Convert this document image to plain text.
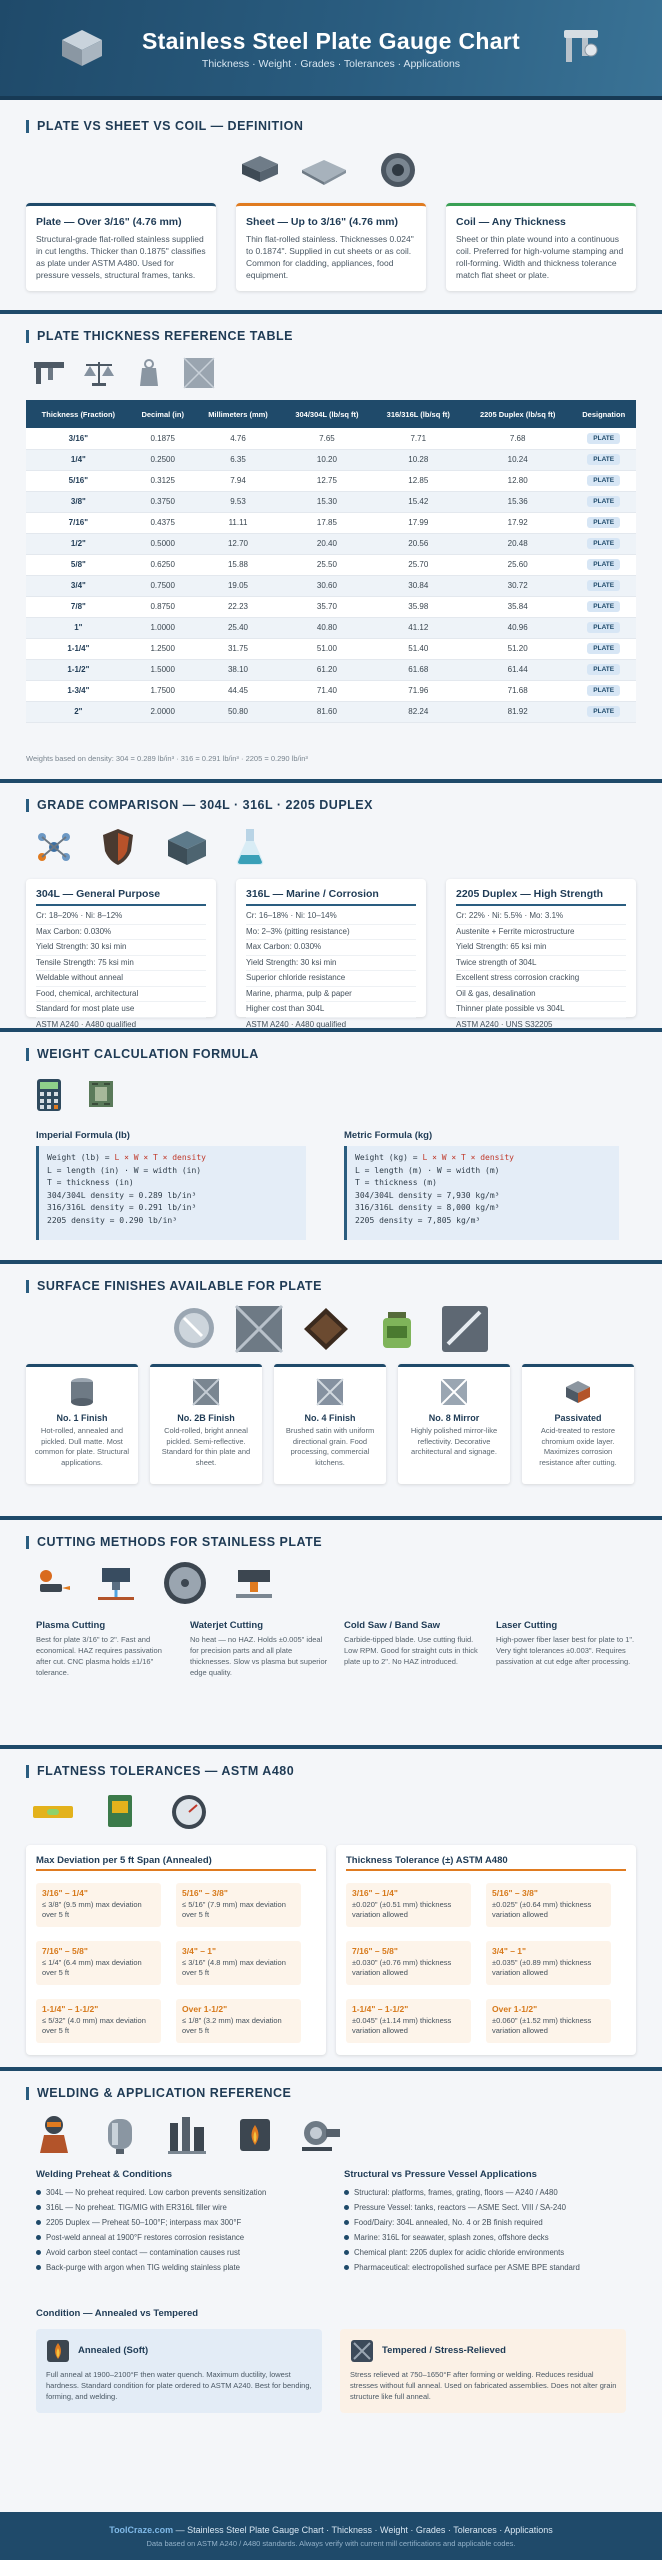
Stainless Steel Plate Gauge Chart
Thickness · Weight · Grades · Tolerances · Applications
PLATE VS SHEET VS COIL — DEFINITION
Plate — Over 3/16" (4.76 mm)

Structural-grade flat-rolled stainless supplied in cut lengths. Thicker than 0.1875" classifies as plate under ASTM A480. Used for pressure vessels, structural frames, tanks.

Sheet — Up to 3/16" (4.76 mm)

Thin flat-rolled stainless. Thicknesses 0.024" to 0.1874". Supplied in cut sheets or as coil. Common for cladding, appliances, food equipment.

Coil — Any Thickness

Sheet or thin plate wound into a continuous coil. Preferred for high-volume stamping and roll-forming. Width and thickness tolerance match flat sheet or plate.

PLATE THICKNESS REFERENCE TABLE
Thickness (Fraction)	Decimal (in)	Millimeters (mm)	304/304L (lb/sq ft)	316/316L (lb/sq ft)	2205 Duplex (lb/sq ft)	Designation
3/16"	0.1875	4.76	7.65	7.71	7.68	PLATE
1/4"	0.2500	6.35	10.20	10.28	10.24	PLATE
5/16"	0.3125	7.94	12.75	12.85	12.80	PLATE
3/8"	0.3750	9.53	15.30	15.42	15.36	PLATE
7/16"	0.4375	11.11	17.85	17.99	17.92	PLATE
1/2"	0.5000	12.70	20.40	20.56	20.48	PLATE
5/8"	0.6250	15.88	25.50	25.70	25.60	PLATE
3/4"	0.7500	19.05	30.60	30.84	30.72	PLATE
7/8"	0.8750	22.23	35.70	35.98	35.84	PLATE
1"	1.0000	25.40	40.80	41.12	40.96	PLATE
1-1/4"	1.2500	31.75	51.00	51.40	51.20	PLATE
1-1/2"	1.5000	38.10	61.20	61.68	61.44	PLATE
1-3/4"	1.7500	44.45	71.40	71.96	71.68	PLATE
2"	2.0000	50.80	81.60	82.24	81.92	PLATE
Weights based on density: 304 = 0.289 lb/in³ · 316 = 0.291 lb/in³ · 2205 = 0.290 lb/in³
GRADE COMPARISON — 304L · 316L · 2205 DUPLEX
304L — General Purpose
Cr: 18–20% · Ni: 8–12%
Max Carbon: 0.030%
Yield Strength: 30 ksi min
Tensile Strength: 75 ksi min
Weldable without anneal
Food, chemical, architectural
Standard for most plate use
ASTM A240 · A480 qualified
316L — Marine / Corrosion
Cr: 16–18% · Ni: 10–14%
Mo: 2–3% (pitting resistance)
Max Carbon: 0.030%
Yield Strength: 30 ksi min
Superior chloride resistance
Marine, pharma, pulp & paper
Higher cost than 304L
ASTM A240 · A480 qualified
2205 Duplex — High Strength
Cr: 22% · Ni: 5.5% · Mo: 3.1%
Austenite + Ferrite microstructure
Yield Strength: 65 ksi min
Twice strength of 304L
Excellent stress corrosion cracking
Oil & gas, desalination
Thinner plate possible vs 304L
ASTM A240 · UNS S32205
WEIGHT CALCULATION FORMULA
Imperial Formula (lb)
Weight (lb) = L × W × T × density
L = length (in) · W = width (in)
T = thickness (in)
304/304L density = 0.289 lb/in³
316/316L density = 0.291 lb/in³
2205 density = 0.290 lb/in³
Metric Formula (kg)
Weight (kg) = L × W × T × density
L = length (m) · W = width (m)
T = thickness (m)
304/304L density = 7,930 kg/m³
316/316L density = 8,000 kg/m³
2205 density = 7,805 kg/m³
SURFACE FINISHES AVAILABLE FOR PLATE
No. 1 Finish

Hot-rolled, annealed and pickled. Dull matte. Most common for plate. Structural applications.

No. 2B Finish

Cold-rolled, bright anneal pickled. Semi-reflective. Standard for thin plate and sheet.

No. 4 Finish

Brushed satin with uniform directional grain. Food processing, commercial kitchens.

No. 8 Mirror

Highly polished mirror-like reflectivity. Decorative architectural and signage.

Passivated

Acid-treated to restore chromium oxide layer. Maximizes corrosion resistance after cutting.

CUTTING METHODS FOR STAINLESS PLATE
Plasma Cutting

Best for plate 3/16" to 2". Fast and economical. HAZ requires passivation after cut. CNC plasma holds ±1/16" tolerance.

Waterjet Cutting

No heat — no HAZ. Holds ±0.005" ideal for precision parts and all plate thicknesses. Slow vs plasma but superior edge quality.

Cold Saw / Band Saw

Carbide-tipped blade. Use cutting fluid. Low RPM. Good for straight cuts in thick plate up to 2". No HAZ introduced.

Laser Cutting

High-power fiber laser best for plate to 1". Very tight tolerances ±0.003". Requires passivation at cut edge after processing.

FLATNESS TOLERANCES — ASTM A480
Max Deviation per 5 ft Span (Annealed)
3/16" – 1/4"
≤ 3/8" (9.5 mm) max deviation over 5 ft
5/16" – 3/8"
≤ 5/16" (7.9 mm) max deviation over 5 ft
7/16" – 5/8"
≤ 1/4" (6.4 mm) max deviation over 5 ft
3/4" – 1"
≤ 3/16" (4.8 mm) max deviation over 5 ft
1-1/4" – 1-1/2"
≤ 5/32" (4.0 mm) max deviation over 5 ft
Over 1-1/2"
≤ 1/8" (3.2 mm) max deviation over 5 ft
Thickness Tolerance (±) ASTM A480
3/16" – 1/4"
±0.020" (±0.51 mm) thickness variation allowed
5/16" – 3/8"
±0.025" (±0.64 mm) thickness variation allowed
7/16" – 5/8"
±0.030" (±0.76 mm) thickness variation allowed
3/4" – 1"
±0.035" (±0.89 mm) thickness variation allowed
1-1/4" – 1-1/2"
±0.045" (±1.14 mm) thickness variation allowed
Over 1-1/2"
±0.060" (±1.52 mm) thickness variation allowed
WELDING & APPLICATION REFERENCE
Welding Preheat & Conditions
304L — No preheat required. Low carbon prevents sensitization
316L — No preheat. TIG/MIG with ER316L filler wire
2205 Duplex — Preheat 50–100°F; interpass max 300°F
Post-weld anneal at 1900°F restores corrosion resistance
Avoid carbon steel contact — contamination causes rust
Back-purge with argon when TIG welding stainless plate
Structural vs Pressure Vessel Applications
Structural: platforms, frames, grating, floors — A240 / A480
Pressure Vessel: tanks, reactors — ASME Sect. VIII / SA-240
Food/Dairy: 304L annealed, No. 4 or 2B finish required
Marine: 316L for seawater, splash zones, offshore decks
Chemical plant: 2205 duplex for acidic chloride environments
Pharmaceutical: electropolished surface per ASME BPE standard
Condition — Annealed vs Tempered
Annealed (Soft)

Full anneal at 1900–2100°F then water quench. Maximum ductility, lowest hardness. Standard condition for plate ordered to ASTM A240. Best for bending, forming, and welding.

Tempered / Stress-Relieved

Stress relieved at 750–1650°F after forming or welding. Reduces residual stresses without full anneal. Used on fabricated assemblies. Does not alter grain structure like full anneal.

ToolCraze.com — Stainless Steel Plate Gauge Chart · Thickness · Weight · Grades · Tolerances · Applications
Data based on ASTM A240 / A480 standards. Always verify with current mill certifications and applicable codes.
